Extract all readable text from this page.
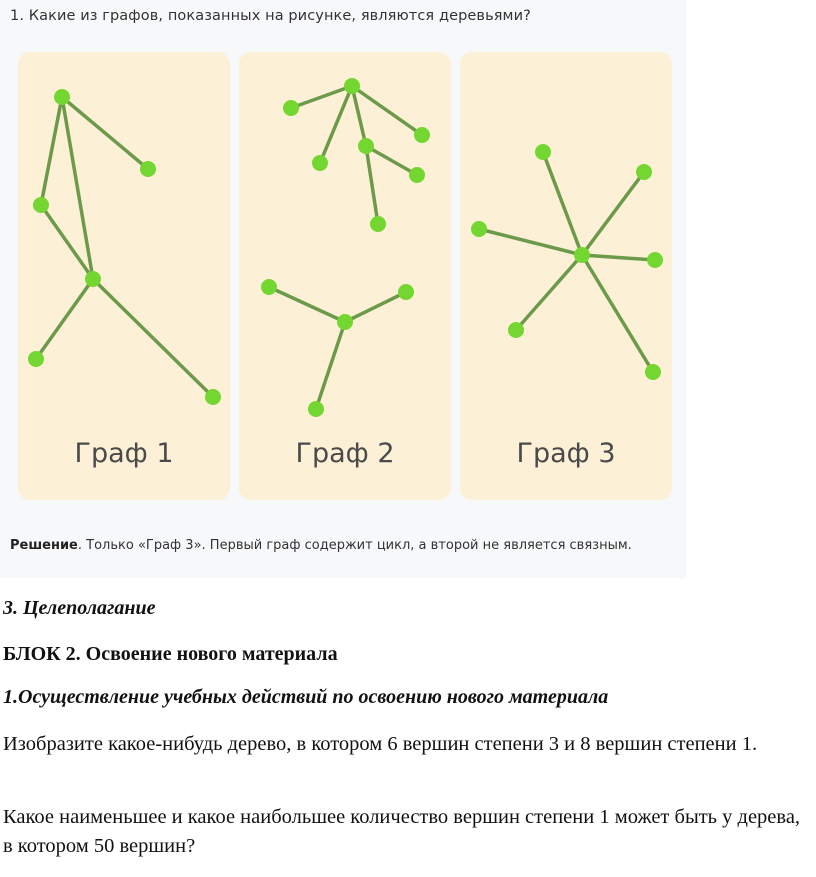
1. Какие из графов, показанных на рисунке, являются деревьями?
Граф 1	Граф 2	Граф 3
Решение. Только «Граф 3». Первый граф содержит цикл, а второй не является связным.
3. Целеполагание
БЛОК 2. Освоение нового материала
1.Осуществление учебных действий по освоению нового материала
Изобразите какое-нибудь дерево, в котором 6 вершин степени 3 и 8 вершин степени 1.
Какое наименьшее и какое наибольшее количество вершин степени 1 может быть у дерева, в котором 50 вершин?
